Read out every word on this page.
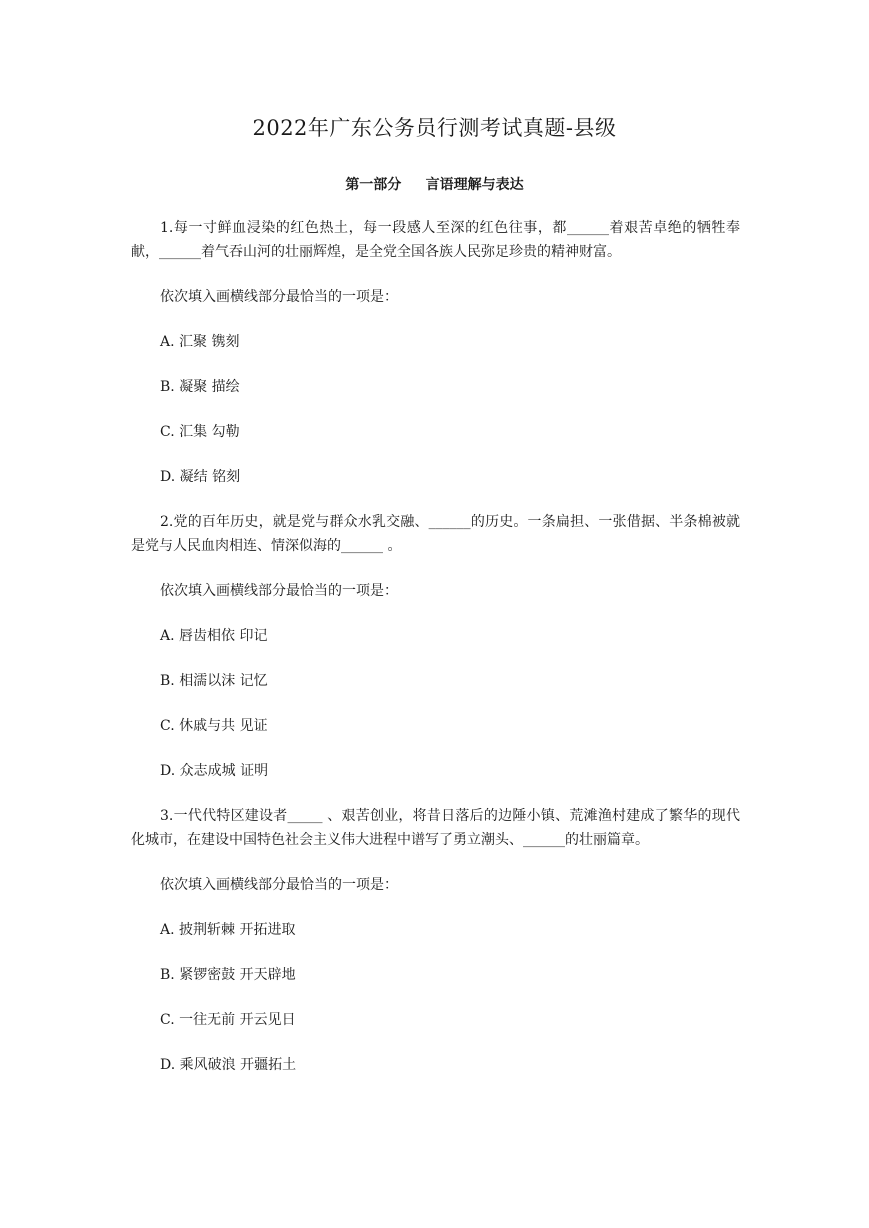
2022年广东公务员行测考试真题-县级
第一部分     言语理解与表达

1.每一寸鲜血浸染的红色热土，每一段感人至深的红色往事，都______着艰苦卓绝的牺牲奉献，______着气吞山河的壮丽辉煌，是全党全国各族人民弥足珍贵的精神财富。

依次填入画横线部分最恰当的一项是：

A. 汇聚 镌刻

B. 凝聚 描绘

C. 汇集 勾勒

D. 凝结 铭刻

2.党的百年历史，就是党与群众水乳交融、______的历史。一条扁担、一张借据、半条棉被就是党与人民血肉相连、情深似海的______ 。

依次填入画横线部分最恰当的一项是：

A. 唇齿相依 印记

B. 相濡以沫 记忆

C. 休戚与共 见证

D. 众志成城 证明

3.一代代特区建设者_____ 、艰苦创业，将昔日落后的边陲小镇、荒滩渔村建成了繁华的现代化城市，在建设中国特色社会主义伟大进程中谱写了勇立潮头、______的壮丽篇章。

依次填入画横线部分最恰当的一项是：

A. 披荆斩棘 开拓进取

B. 紧锣密鼓 开天辟地

C. 一往无前 开云见日

D. 乘风破浪 开疆拓土
